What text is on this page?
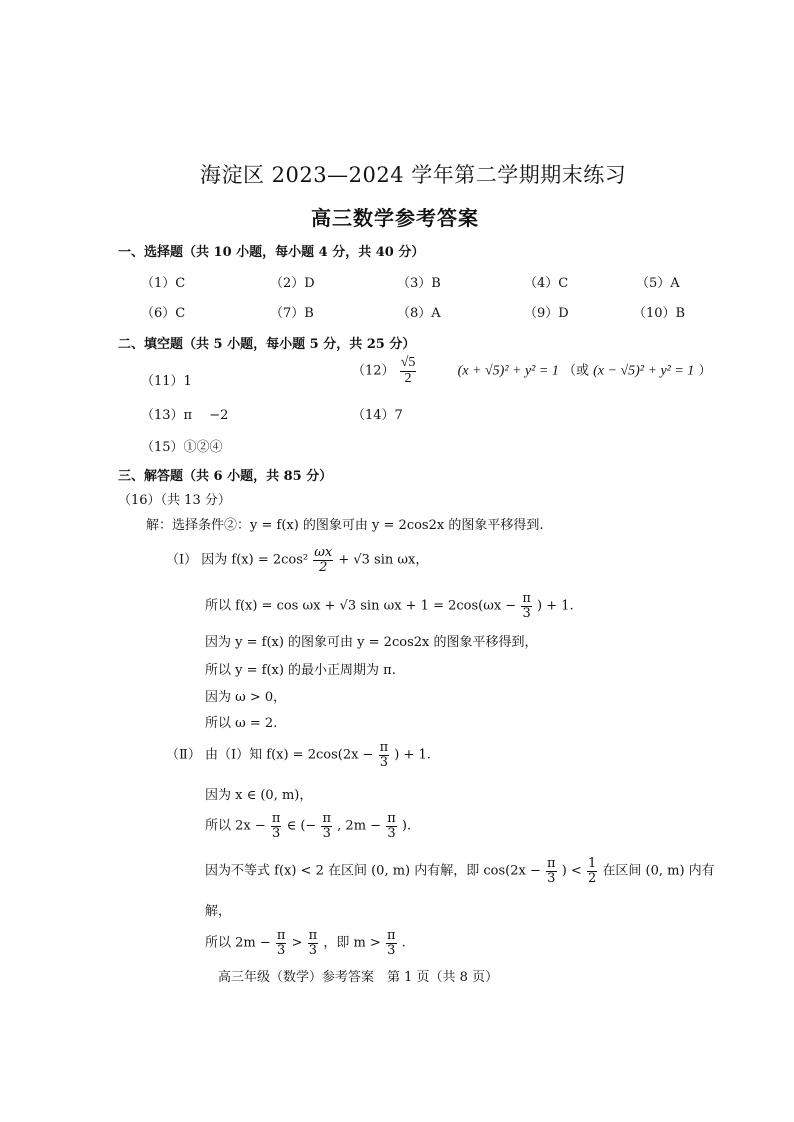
海淀区 2023—2024 学年第二学期期末练习
高三数学参考答案
一、选择题（共 10 小题，每小题 4 分，共 40 分）
（1）C	（2）D	（3）B	（4）C	（5）A
（6）C	（7）B	（8）A	（9）D	（10）B
二、填空题（共 5 小题，每小题 5 分，共 25 分）
（11）1
$(12) \frac{√5}{2}$	(x + √5)² + y² = 1 （或 (x − √5)² + y² = 1 ）
（13）π　 −2	（14）7
（15）①②④
三、解答题（共 6 小题，共 85 分）
（16）（共 13 分）
解：选择条件②：y = f(x) 的图象可由 y = 2cos2x 的图象平移得到.
（Ⅰ） 因为 $f(x) = 2\cos^2 \frac{\omega x}{2} + √3$ sin ωx，
所以 f(x) = cos ωx + √3 $\sin \omega x + 1 = 2\cos(\omega x - \frac{\pi}{3}$ ) + 1.
因为 y = f(x) 的图象可由 y = 2cos2x 的图象平移得到，
所以 y = f(x) 的最小正周期为 π.
因为 ω > 0，
所以 ω = 2.
（Ⅱ） 由（Ⅰ）知 $f(x) = 2\cos(2x - \frac{\pi}{3}$ ) + 1.
因为 x ∈ (0, m)，
所以 $2x - \frac{\pi}{3}$ ∈ (− $\frac{\pi}{3}$ , $2m - \frac{\pi}{3}$ ).
因为不等式 f(x) < 2 在区间 (0, m) 内有解，即 $\cos(2x - \frac{\pi}{3}$ ) < $\frac{1}{2}$ 在区间 (0, m) 内有
解，
所以 $2m - \frac{\pi}{3} > \frac{\pi}{3}$ ，即 $m > \frac{\pi}{3}$ .
高三年级（数学）参考答案　第 1 页（共 8 页）
